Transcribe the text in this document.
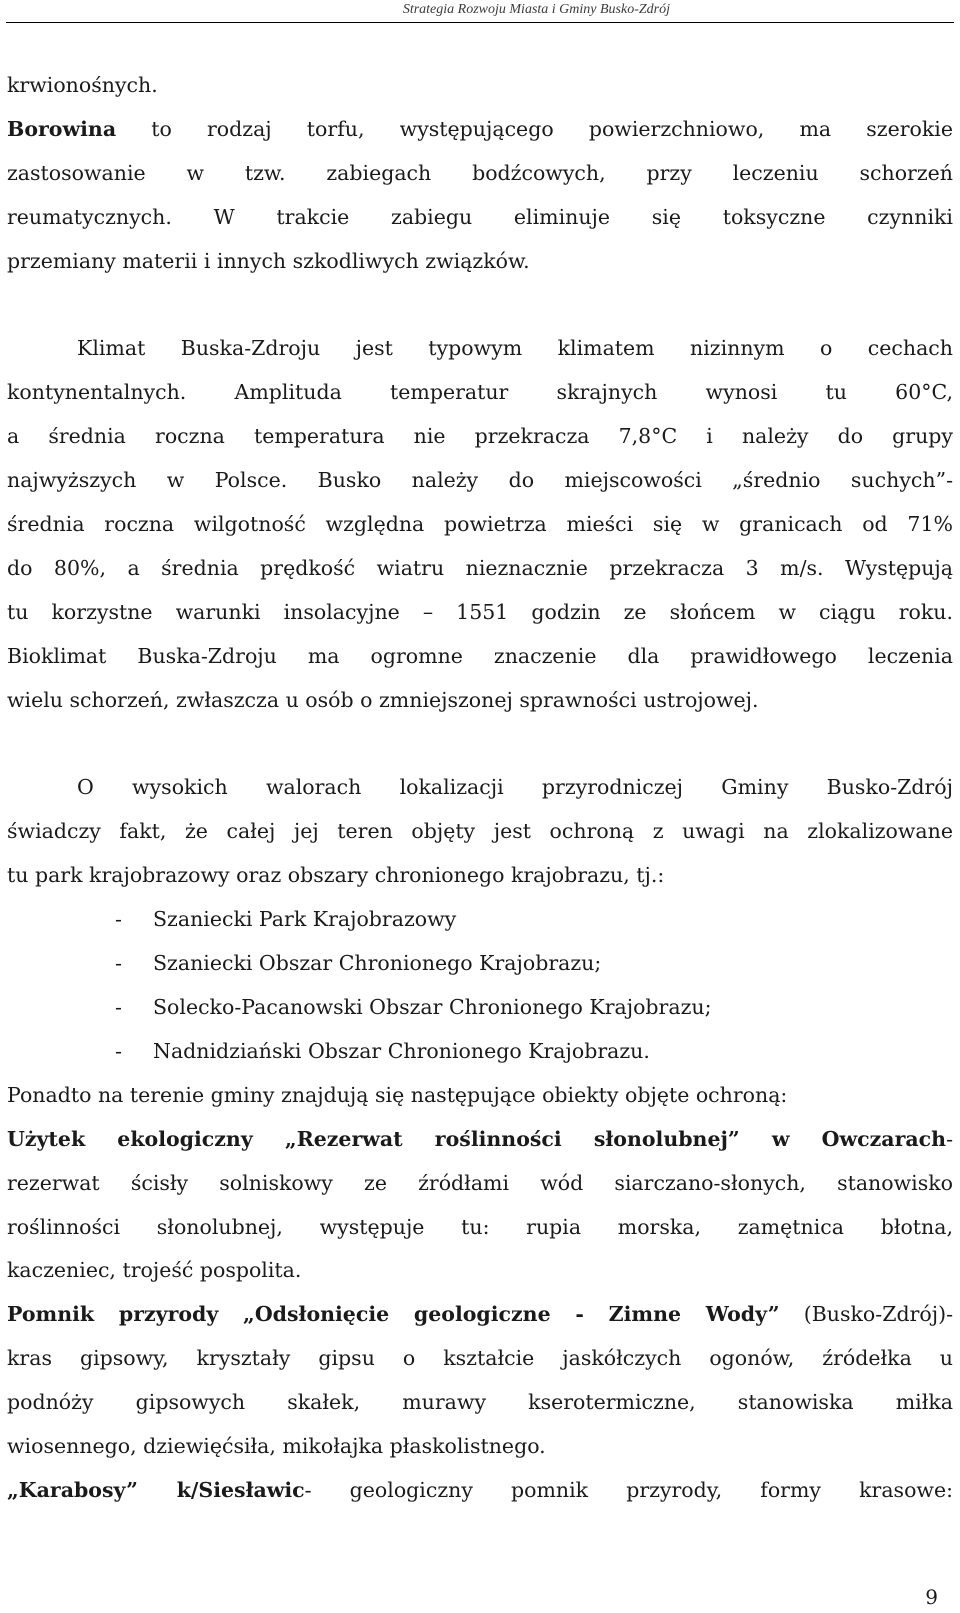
Strategia Rozwoju Miasta i Gminy Busko-Zdrój

krwionośnych.

Borowina to rodzaj torfu, występującego powierzchniowo, ma szerokie

zastosowanie w tzw. zabiegach bodźcowych, przy leczeniu schorzeń

reumatycznych. W trakcie zabiegu eliminuje się toksyczne czynniki

przemiany materii i innych szkodliwych związków.

Klimat Buska-Zdroju jest typowym klimatem nizinnym o cechach

kontynentalnych. Amplituda temperatur skrajnych wynosi tu 60°C,

a średnia roczna temperatura nie przekracza 7,8°C i należy do grupy

najwyższych w Polsce. Busko należy do miejscowości „średnio suchych”-

średnia roczna wilgotność względna powietrza mieści się w granicach od 71%

do 80%, a średnia prędkość wiatru nieznacznie przekracza 3 m/s. Występują

tu korzystne warunki insolacyjne – 1551 godzin ze słońcem w ciągu roku.

Bioklimat Buska-Zdroju ma ogromne znaczenie dla prawidłowego leczenia

wielu schorzeń, zwłaszcza u osób o zmniejszonej sprawności ustrojowej.

O wysokich walorach lokalizacji przyrodniczej Gminy Busko-Zdrój

świadczy fakt, że całej jej teren objęty jest ochroną z uwagi na zlokalizowane

tu park krajobrazowy oraz obszary chronionego krajobrazu, tj.:

- Szaniecki Park Krajobrazowy

- Szaniecki Obszar Chronionego Krajobrazu;

- Solecko-Pacanowski Obszar Chronionego Krajobrazu;

- Nadnidziański Obszar Chronionego Krajobrazu.

Ponadto na terenie gminy znajdują się następujące obiekty objęte ochroną:

Użytek ekologiczny „Rezerwat roślinności słonolubnej” w Owczarach-

rezerwat ścisły solniskowy ze źródłami wód siarczano-słonych, stanowisko

roślinności słonolubnej, występuje tu: rupia morska, zamętnica błotna,

kaczeniec, trojeść pospolita.

Pomnik przyrody „Odsłonięcie geologiczne - Zimne Wody” (Busko-Zdrój)-

kras gipsowy, kryształy gipsu o kształcie jaskółczych ogonów, źródełka u

podnóży gipsowych skałek, murawy kserotermiczne, stanowiska miłka

wiosennego, dziewięćsiła, mikołajka płaskolistnego.

„Karabosy” k/Siesławic- geologiczny pomnik przyrody, formy krasowe:

9
